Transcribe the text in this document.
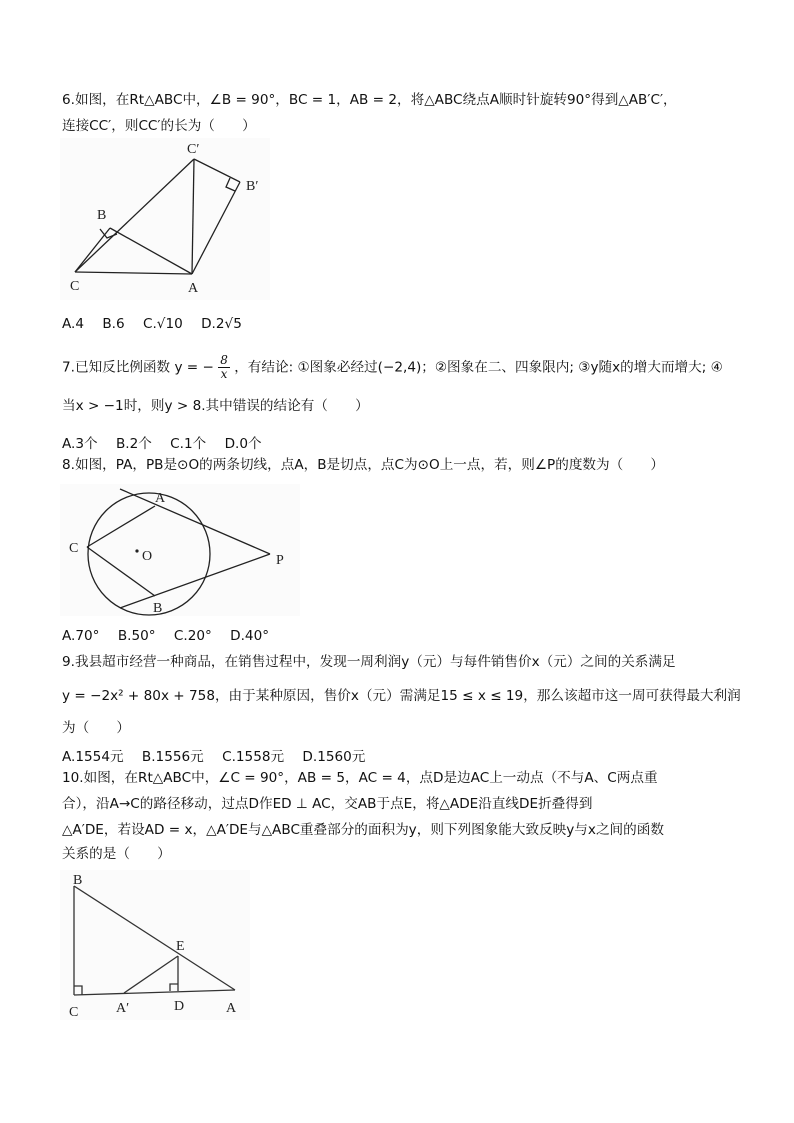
6.如图，在Rt△ABC中，∠B = 90°，BC = 1，AB = 2，将△ABC绕点A顺时针旋转90°得到△AB′C′，
连接CC′，则CC′的长为（　　）
C′
B′
B
C	A
A.4 B.6 C.√10 D.2√5
7.已知反比例函数 y = − $\frac{8}{x}$ ，有结论: ①图象必经过(−2,4)；②图象在二、四象限内; ③y随x的增大而增大; ④
当x > −1时，则y > 8.其中错误的结论有（　　）
A.3个 B.2个 C.1个 D.0个
8.如图，PA，PB是⊙O的两条切线，点A，B是切点，点C为⊙O上一点，若，则∠P的度数为（　　）
A
C
O	P
B
A.70° B.50° C.20° D.40°
9.我县超市经营一种商品，在销售过程中，发现一周利润y（元）与每件销售价x（元）之间的关系满足
y = −2x² + 80x + 758，由于某种原因，售价x（元）需满足15 ≤ x ≤ 19，那么该超市这一周可获得最大利润
为（　　）
A.1554元 B.1556元 C.1558元 D.1560元
10.如图，在Rt△ABC中，∠C = 90°，AB = 5，AC = 4，点D是边AC上一动点（不与A、C两点重
合），沿A→C的路径移动，过点D作ED ⊥ AC，交AB于点E，将△ADE沿直线DE折叠得到
△A′DE，若设AD = x，△A′DE与△ABC重叠部分的面积为y，则下列图象能大致反映y与x之间的函数
关系的是（　　）
B
E
C	A′	D	A
